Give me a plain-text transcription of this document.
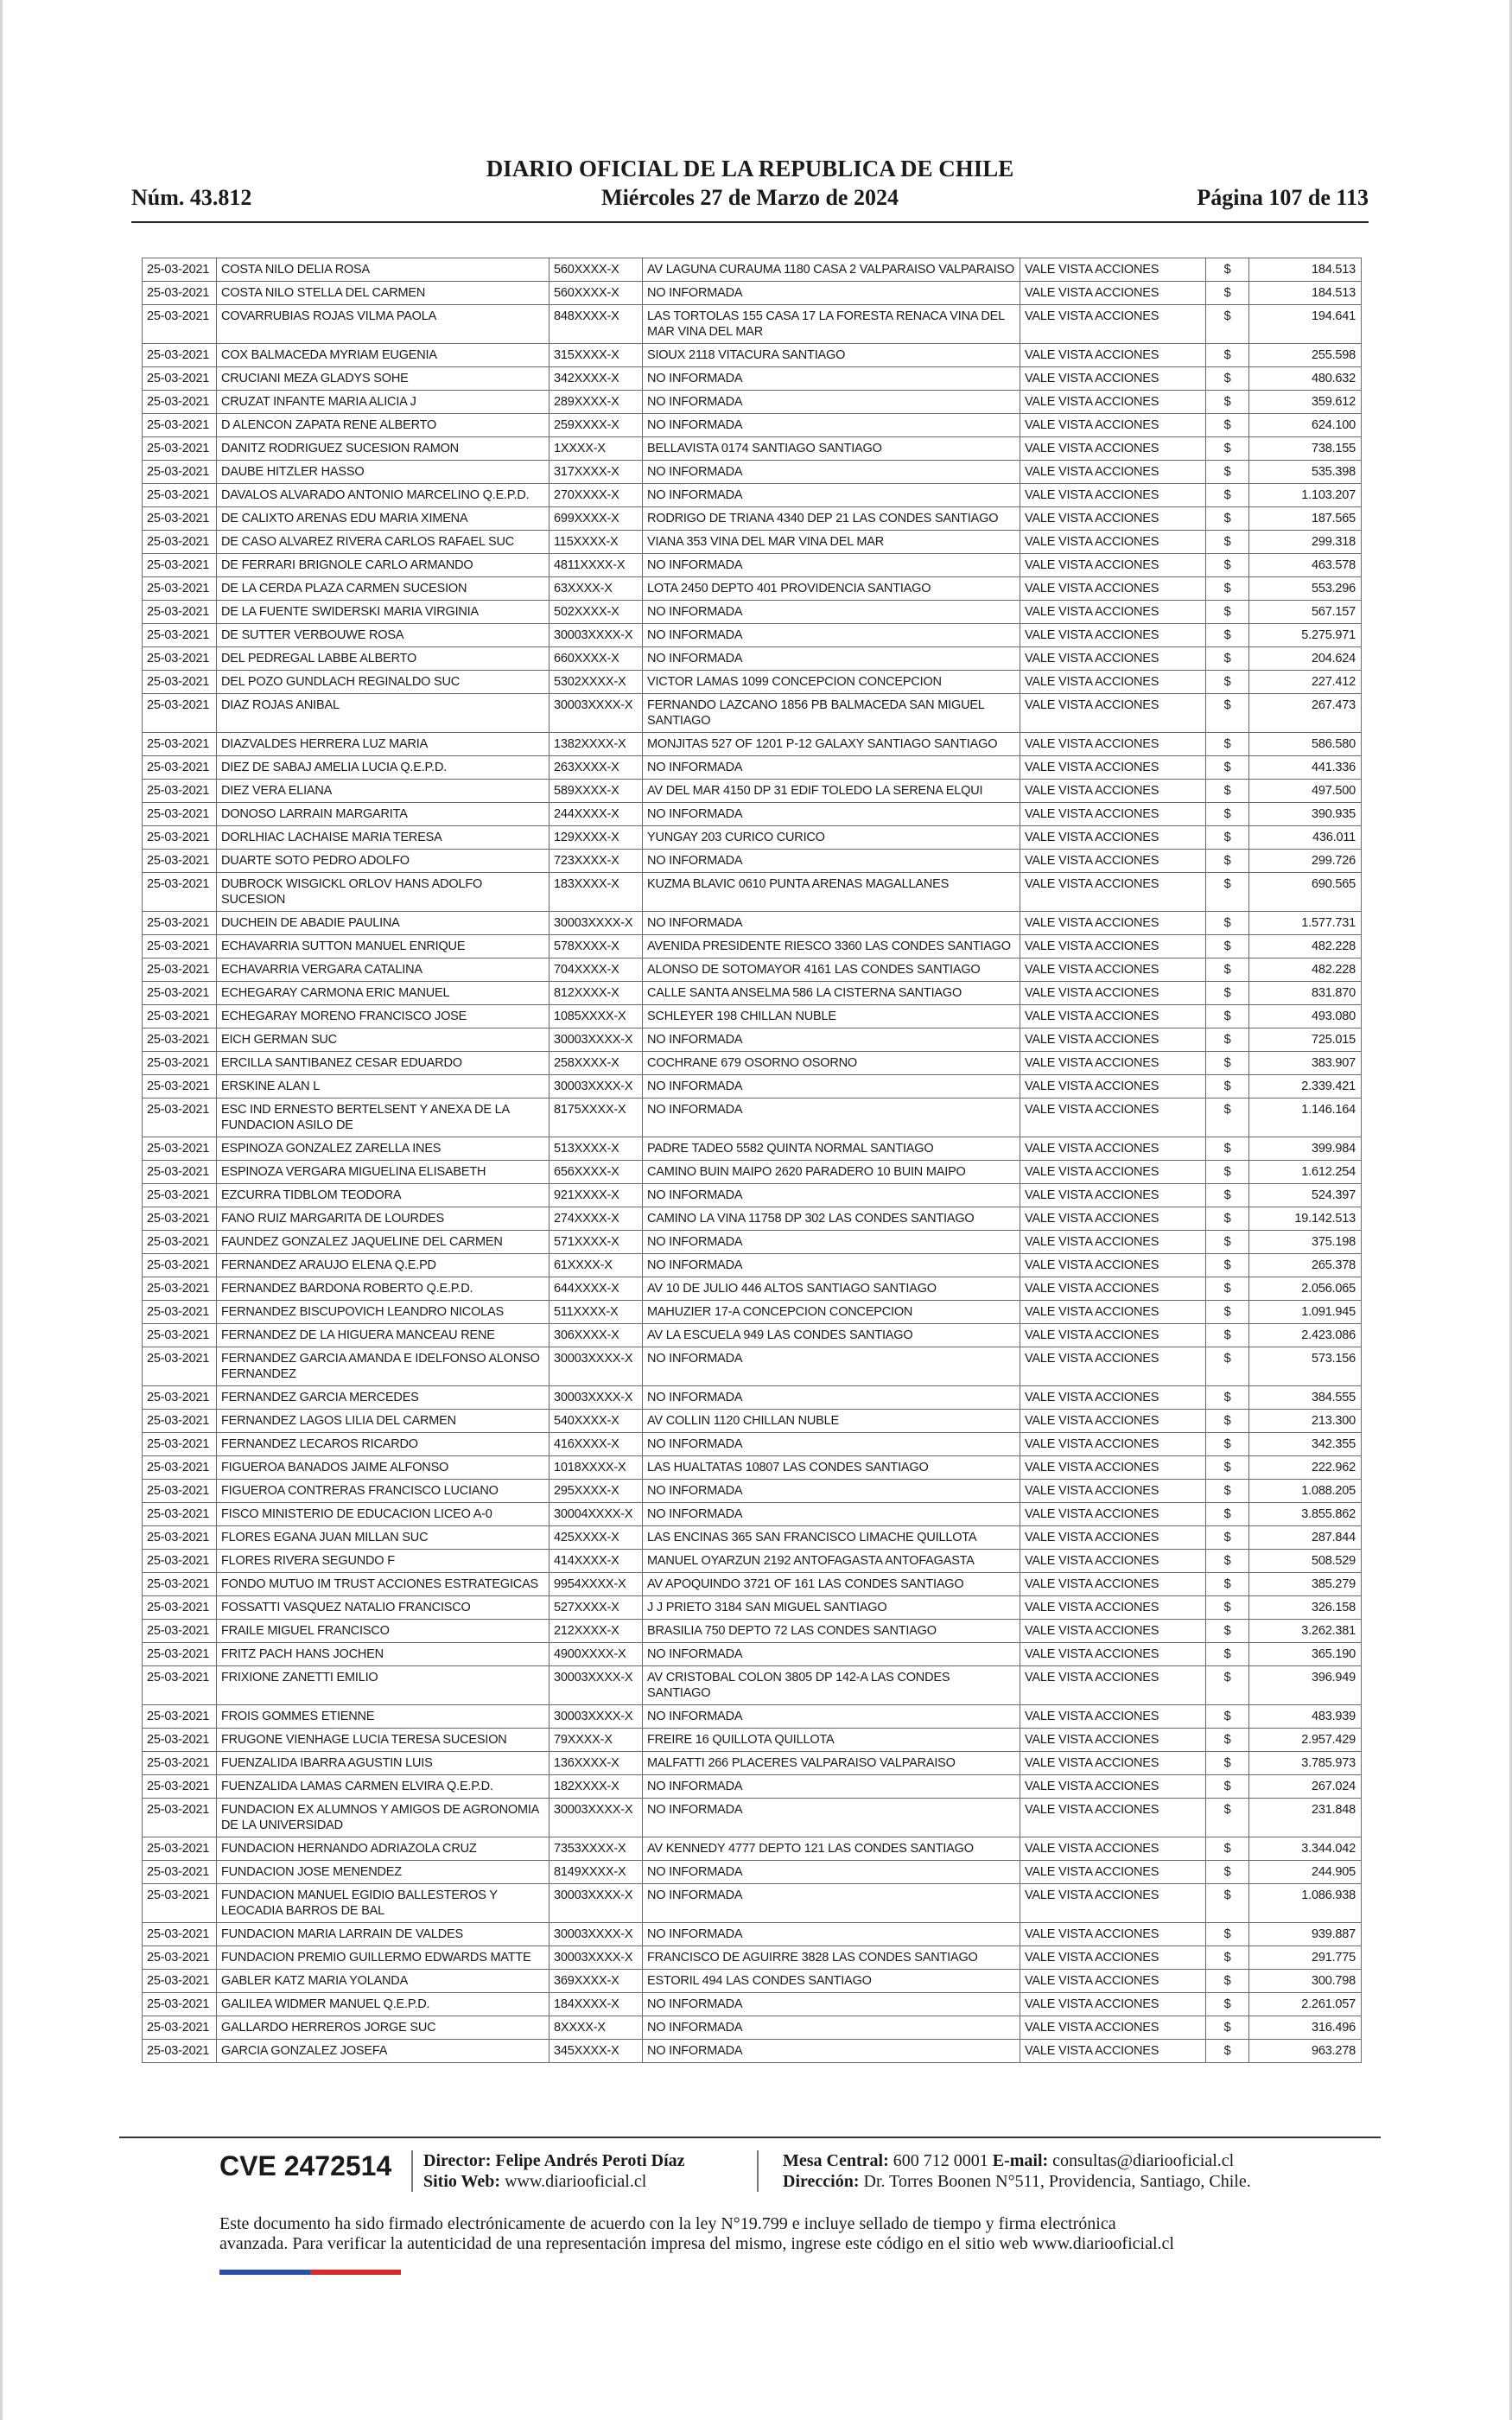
Núm. 43.812
DIARIO OFICIAL DE LA REPUBLICA DE CHILE
Miércoles 27 de Marzo de 2024	Página 107 de 113
25-03-2021	COSTA NILO DELIA ROSA	560XXXX-X	AV LAGUNA CURAUMA 1180 CASA 2 VALPARAISO VALPARAISO	VALE VISTA ACCIONES	$	184.513
25-03-2021	COSTA NILO STELLA DEL CARMEN	560XXXX-X	NO INFORMADA	VALE VISTA ACCIONES	$	184.513
25-03-2021	COVARRUBIAS ROJAS VILMA PAOLA	848XXXX-X	LAS TORTOLAS 155 CASA 17 LA FORESTA RENACA VINA DEL MAR VINA DEL MAR	VALE VISTA ACCIONES	$	194.641
25-03-2021	COX BALMACEDA MYRIAM EUGENIA	315XXXX-X	SIOUX 2118 VITACURA SANTIAGO	VALE VISTA ACCIONES	$	255.598
25-03-2021	CRUCIANI MEZA GLADYS SOHE	342XXXX-X	NO INFORMADA	VALE VISTA ACCIONES	$	480.632
25-03-2021	CRUZAT INFANTE MARIA ALICIA J	289XXXX-X	NO INFORMADA	VALE VISTA ACCIONES	$	359.612
25-03-2021	D ALENCON ZAPATA RENE ALBERTO	259XXXX-X	NO INFORMADA	VALE VISTA ACCIONES	$	624.100
25-03-2021	DANITZ RODRIGUEZ SUCESION RAMON	1XXXX-X	BELLAVISTA 0174 SANTIAGO SANTIAGO	VALE VISTA ACCIONES	$	738.155
25-03-2021	DAUBE HITZLER HASSO	317XXXX-X	NO INFORMADA	VALE VISTA ACCIONES	$	535.398
25-03-2021	DAVALOS ALVARADO ANTONIO MARCELINO Q.E.P.D.	270XXXX-X	NO INFORMADA	VALE VISTA ACCIONES	$	1.103.207
25-03-2021	DE CALIXTO ARENAS EDU MARIA XIMENA	699XXXX-X	RODRIGO DE TRIANA 4340 DEP 21 LAS CONDES SANTIAGO	VALE VISTA ACCIONES	$	187.565
25-03-2021	DE CASO ALVAREZ RIVERA CARLOS RAFAEL SUC	115XXXX-X	VIANA 353 VINA DEL MAR VINA DEL MAR	VALE VISTA ACCIONES	$	299.318
25-03-2021	DE FERRARI BRIGNOLE CARLO ARMANDO	4811XXXX-X	NO INFORMADA	VALE VISTA ACCIONES	$	463.578
25-03-2021	DE LA CERDA PLAZA CARMEN SUCESION	63XXXX-X	LOTA 2450 DEPTO 401 PROVIDENCIA SANTIAGO	VALE VISTA ACCIONES	$	553.296
25-03-2021	DE LA FUENTE SWIDERSKI MARIA VIRGINIA	502XXXX-X	NO INFORMADA	VALE VISTA ACCIONES	$	567.157
25-03-2021	DE SUTTER VERBOUWE ROSA	30003XXXX-X	NO INFORMADA	VALE VISTA ACCIONES	$	5.275.971
25-03-2021	DEL PEDREGAL LABBE ALBERTO	660XXXX-X	NO INFORMADA	VALE VISTA ACCIONES	$	204.624
25-03-2021	DEL POZO GUNDLACH REGINALDO SUC	5302XXXX-X	VICTOR LAMAS 1099 CONCEPCION CONCEPCION	VALE VISTA ACCIONES	$	227.412
25-03-2021	DIAZ ROJAS ANIBAL	30003XXXX-X	FERNANDO LAZCANO 1856 PB BALMACEDA SAN MIGUEL SANTIAGO	VALE VISTA ACCIONES	$	267.473
25-03-2021	DIAZVALDES HERRERA LUZ MARIA	1382XXXX-X	MONJITAS 527 OF 1201 P-12 GALAXY SANTIAGO SANTIAGO	VALE VISTA ACCIONES	$	586.580
25-03-2021	DIEZ DE SABAJ AMELIA LUCIA Q.E.P.D.	263XXXX-X	NO INFORMADA	VALE VISTA ACCIONES	$	441.336
25-03-2021	DIEZ VERA ELIANA	589XXXX-X	AV DEL MAR 4150 DP 31 EDIF TOLEDO LA SERENA ELQUI	VALE VISTA ACCIONES	$	497.500
25-03-2021	DONOSO LARRAIN MARGARITA	244XXXX-X	NO INFORMADA	VALE VISTA ACCIONES	$	390.935
25-03-2021	DORLHIAC LACHAISE MARIA TERESA	129XXXX-X	YUNGAY 203 CURICO CURICO	VALE VISTA ACCIONES	$	436.011
25-03-2021	DUARTE SOTO PEDRO ADOLFO	723XXXX-X	NO INFORMADA	VALE VISTA ACCIONES	$	299.726
25-03-2021	DUBROCK WISGICKL ORLOV HANS ADOLFO SUCESION	183XXXX-X	KUZMA BLAVIC 0610 PUNTA ARENAS MAGALLANES	VALE VISTA ACCIONES	$	690.565
25-03-2021	DUCHEIN DE ABADIE PAULINA	30003XXXX-X	NO INFORMADA	VALE VISTA ACCIONES	$	1.577.731
25-03-2021	ECHAVARRIA SUTTON MANUEL ENRIQUE	578XXXX-X	AVENIDA PRESIDENTE RIESCO 3360 LAS CONDES SANTIAGO	VALE VISTA ACCIONES	$	482.228
25-03-2021	ECHAVARRIA VERGARA CATALINA	704XXXX-X	ALONSO DE SOTOMAYOR 4161 LAS CONDES SANTIAGO	VALE VISTA ACCIONES	$	482.228
25-03-2021	ECHEGARAY CARMONA ERIC MANUEL	812XXXX-X	CALLE SANTA ANSELMA 586 LA CISTERNA SANTIAGO	VALE VISTA ACCIONES	$	831.870
25-03-2021	ECHEGARAY MORENO FRANCISCO JOSE	1085XXXX-X	SCHLEYER 198 CHILLAN NUBLE	VALE VISTA ACCIONES	$	493.080
25-03-2021	EICH GERMAN SUC	30003XXXX-X	NO INFORMADA	VALE VISTA ACCIONES	$	725.015
25-03-2021	ERCILLA SANTIBANEZ CESAR EDUARDO	258XXXX-X	COCHRANE 679 OSORNO OSORNO	VALE VISTA ACCIONES	$	383.907
25-03-2021	ERSKINE ALAN L	30003XXXX-X	NO INFORMADA	VALE VISTA ACCIONES	$	2.339.421
25-03-2021	ESC IND ERNESTO BERTELSENT Y ANEXA DE LA FUNDACION ASILO DE	8175XXXX-X	NO INFORMADA	VALE VISTA ACCIONES	$	1.146.164
25-03-2021	ESPINOZA GONZALEZ ZARELLA INES	513XXXX-X	PADRE TADEO 5582 QUINTA NORMAL SANTIAGO	VALE VISTA ACCIONES	$	399.984
25-03-2021	ESPINOZA VERGARA MIGUELINA ELISABETH	656XXXX-X	CAMINO BUIN MAIPO 2620 PARADERO 10 BUIN MAIPO	VALE VISTA ACCIONES	$	1.612.254
25-03-2021	EZCURRA TIDBLOM TEODORA	921XXXX-X	NO INFORMADA	VALE VISTA ACCIONES	$	524.397
25-03-2021	FANO RUIZ MARGARITA DE LOURDES	274XXXX-X	CAMINO LA VINA 11758 DP 302 LAS CONDES SANTIAGO	VALE VISTA ACCIONES	$	19.142.513
25-03-2021	FAUNDEZ GONZALEZ JAQUELINE DEL CARMEN	571XXXX-X	NO INFORMADA	VALE VISTA ACCIONES	$	375.198
25-03-2021	FERNANDEZ ARAUJO ELENA Q.E.PD	61XXXX-X	NO INFORMADA	VALE VISTA ACCIONES	$	265.378
25-03-2021	FERNANDEZ BARDONA ROBERTO Q.E.P.D.	644XXXX-X	AV 10 DE JULIO 446 ALTOS SANTIAGO SANTIAGO	VALE VISTA ACCIONES	$	2.056.065
25-03-2021	FERNANDEZ BISCUPOVICH LEANDRO NICOLAS	511XXXX-X	MAHUZIER 17-A CONCEPCION CONCEPCION	VALE VISTA ACCIONES	$	1.091.945
25-03-2021	FERNANDEZ DE LA HIGUERA MANCEAU RENE	306XXXX-X	AV LA ESCUELA 949 LAS CONDES SANTIAGO	VALE VISTA ACCIONES	$	2.423.086
25-03-2021	FERNANDEZ GARCIA AMANDA E IDELFONSO ALONSO FERNANDEZ	30003XXXX-X	NO INFORMADA	VALE VISTA ACCIONES	$	573.156
25-03-2021	FERNANDEZ GARCIA MERCEDES	30003XXXX-X	NO INFORMADA	VALE VISTA ACCIONES	$	384.555
25-03-2021	FERNANDEZ LAGOS LILIA DEL CARMEN	540XXXX-X	AV COLLIN 1120 CHILLAN NUBLE	VALE VISTA ACCIONES	$	213.300
25-03-2021	FERNANDEZ LECAROS RICARDO	416XXXX-X	NO INFORMADA	VALE VISTA ACCIONES	$	342.355
25-03-2021	FIGUEROA BANADOS JAIME ALFONSO	1018XXXX-X	LAS HUALTATAS 10807 LAS CONDES SANTIAGO	VALE VISTA ACCIONES	$	222.962
25-03-2021	FIGUEROA CONTRERAS FRANCISCO LUCIANO	295XXXX-X	NO INFORMADA	VALE VISTA ACCIONES	$	1.088.205
25-03-2021	FISCO MINISTERIO DE EDUCACION LICEO A-0	30004XXXX-X	NO INFORMADA	VALE VISTA ACCIONES	$	3.855.862
25-03-2021	FLORES EGANA JUAN MILLAN SUC	425XXXX-X	LAS ENCINAS 365 SAN FRANCISCO LIMACHE QUILLOTA	VALE VISTA ACCIONES	$	287.844
25-03-2021	FLORES RIVERA SEGUNDO F	414XXXX-X	MANUEL OYARZUN 2192 ANTOFAGASTA ANTOFAGASTA	VALE VISTA ACCIONES	$	508.529
25-03-2021	FONDO MUTUO IM TRUST ACCIONES ESTRATEGICAS	9954XXXX-X	AV APOQUINDO 3721 OF 161 LAS CONDES SANTIAGO	VALE VISTA ACCIONES	$	385.279
25-03-2021	FOSSATTI VASQUEZ NATALIO FRANCISCO	527XXXX-X	J J PRIETO 3184 SAN MIGUEL SANTIAGO	VALE VISTA ACCIONES	$	326.158
25-03-2021	FRAILE MIGUEL FRANCISCO	212XXXX-X	BRASILIA 750 DEPTO 72 LAS CONDES SANTIAGO	VALE VISTA ACCIONES	$	3.262.381
25-03-2021	FRITZ PACH HANS JOCHEN	4900XXXX-X	NO INFORMADA	VALE VISTA ACCIONES	$	365.190
25-03-2021	FRIXIONE ZANETTI EMILIO	30003XXXX-X	AV CRISTOBAL COLON 3805 DP 142-A LAS CONDES SANTIAGO	VALE VISTA ACCIONES	$	396.949
25-03-2021	FROIS GOMMES ETIENNE	30003XXXX-X	NO INFORMADA	VALE VISTA ACCIONES	$	483.939
25-03-2021	FRUGONE VIENHAGE LUCIA TERESA SUCESION	79XXXX-X	FREIRE 16 QUILLOTA QUILLOTA	VALE VISTA ACCIONES	$	2.957.429
25-03-2021	FUENZALIDA IBARRA AGUSTIN LUIS	136XXXX-X	MALFATTI 266 PLACERES VALPARAISO VALPARAISO	VALE VISTA ACCIONES	$	3.785.973
25-03-2021	FUENZALIDA LAMAS CARMEN ELVIRA Q.E.P.D.	182XXXX-X	NO INFORMADA	VALE VISTA ACCIONES	$	267.024
25-03-2021	FUNDACION EX ALUMNOS Y AMIGOS DE AGRONOMIA DE LA UNIVERSIDAD	30003XXXX-X	NO INFORMADA	VALE VISTA ACCIONES	$	231.848
25-03-2021	FUNDACION HERNANDO ADRIAZOLA CRUZ	7353XXXX-X	AV KENNEDY 4777 DEPTO 121 LAS CONDES SANTIAGO	VALE VISTA ACCIONES	$	3.344.042
25-03-2021	FUNDACION JOSE MENENDEZ	8149XXXX-X	NO INFORMADA	VALE VISTA ACCIONES	$	244.905
25-03-2021	FUNDACION MANUEL EGIDIO BALLESTEROS Y LEOCADIA BARROS DE BAL	30003XXXX-X	NO INFORMADA	VALE VISTA ACCIONES	$	1.086.938
25-03-2021	FUNDACION MARIA LARRAIN DE VALDES	30003XXXX-X	NO INFORMADA	VALE VISTA ACCIONES	$	939.887
25-03-2021	FUNDACION PREMIO GUILLERMO EDWARDS MATTE	30003XXXX-X	FRANCISCO DE AGUIRRE 3828 LAS CONDES SANTIAGO	VALE VISTA ACCIONES	$	291.775
25-03-2021	GABLER KATZ MARIA YOLANDA	369XXXX-X	ESTORIL 494 LAS CONDES SANTIAGO	VALE VISTA ACCIONES	$	300.798
25-03-2021	GALILEA WIDMER MANUEL Q.E.P.D.	184XXXX-X	NO INFORMADA	VALE VISTA ACCIONES	$	2.261.057
25-03-2021	GALLARDO HERREROS JORGE SUC	8XXXX-X	NO INFORMADA	VALE VISTA ACCIONES	$	316.496
25-03-2021	GARCIA GONZALEZ JOSEFA	345XXXX-X	NO INFORMADA	VALE VISTA ACCIONES	$	963.278
CVE 2472514 Director: Felipe Andrés Peroti Díaz
Sitio Web: www.diariooficial.cl
Mesa Central: 600 712 0001 E-mail: consultas@diariooficial.cl
Dirección: Dr. Torres Boonen N°511, Providencia, Santiago, Chile.
Este documento ha sido firmado electrónicamente de acuerdo con la ley N°19.799 e incluye sellado de tiempo y firma electrónica
avanzada. Para verificar la autenticidad de una representación impresa del mismo, ingrese este código en el sitio web www.diariooficial.cl
